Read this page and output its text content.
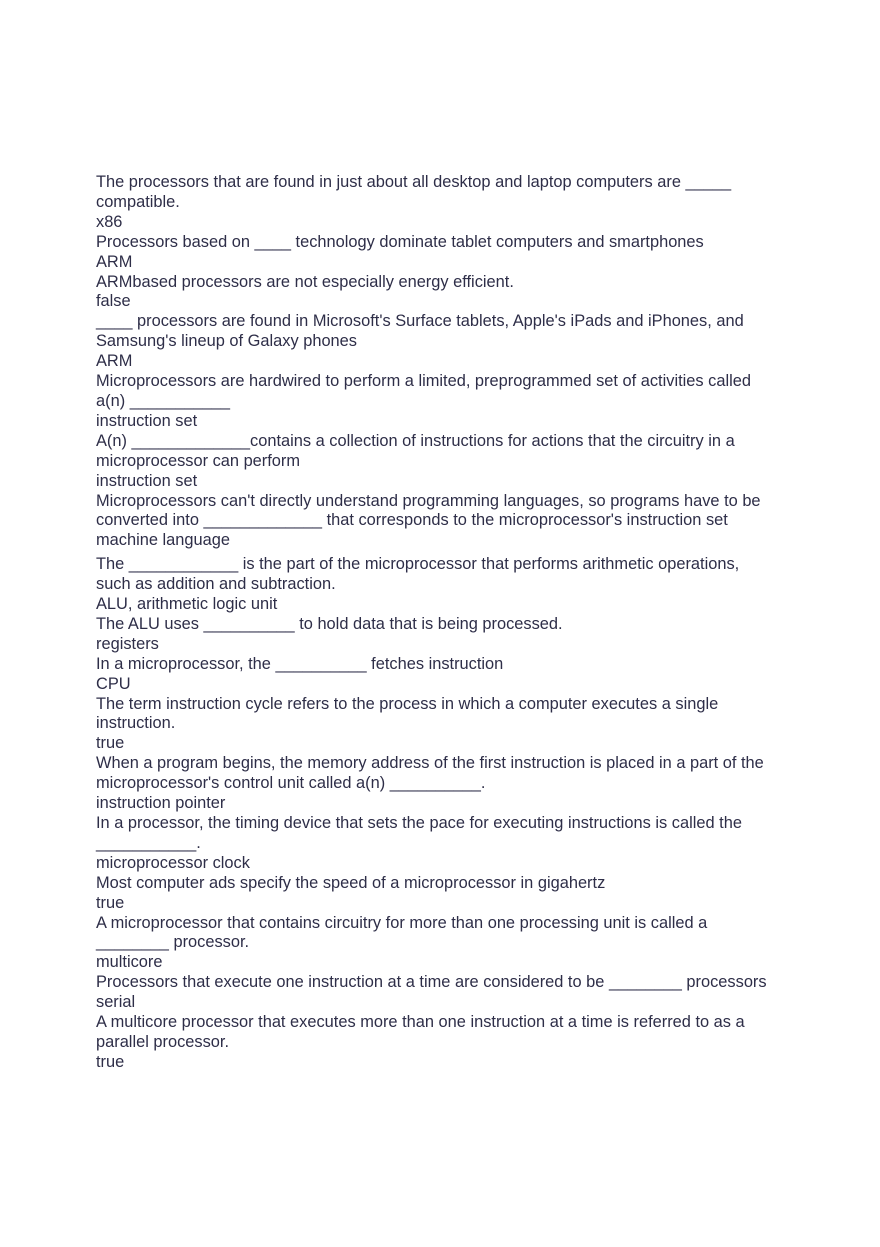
The processors that are found in just about all desktop and laptop computers are _____ compatible.

x86

Processors based on ____ technology dominate tablet computers and smartphones

ARM

ARMbased processors are not especially energy efficient.

false

____ processors are found in Microsoft's Surface tablets, Apple's iPads and iPhones, and Samsung's lineup of Galaxy phones

ARM

Microprocessors are hardwired to perform a limited, preprogrammed set of activities called a(n) ___________

instruction set

A(n) _____________contains a collection of instructions for actions that the circuitry in a microprocessor can perform

instruction set

Microprocessors can't directly understand programming languages, so programs have to be converted into _____________ that corresponds to the microprocessor's instruction set

machine language

The ____________ is the part of the microprocessor that performs arithmetic operations, such as addition and subtraction.

ALU, arithmetic logic unit

The ALU uses __________ to hold data that is being processed.

registers

In a microprocessor, the __________ fetches instruction

CPU

The term instruction cycle refers to the process in which a computer executes a single instruction.

true

When a program begins, the memory address of the first instruction is placed in a part of the microprocessor's control unit called a(n) __________.

instruction pointer

In a processor, the timing device that sets the pace for executing instructions is called the ___________.

microprocessor clock

Most computer ads specify the speed of a microprocessor in gigahertz

true

A microprocessor that contains circuitry for more than one processing unit is called a ________ processor.

multicore

Processors that execute one instruction at a time are considered to be ________ processors

serial

A multicore processor that executes more than one instruction at a time is referred to as a parallel processor.

true
